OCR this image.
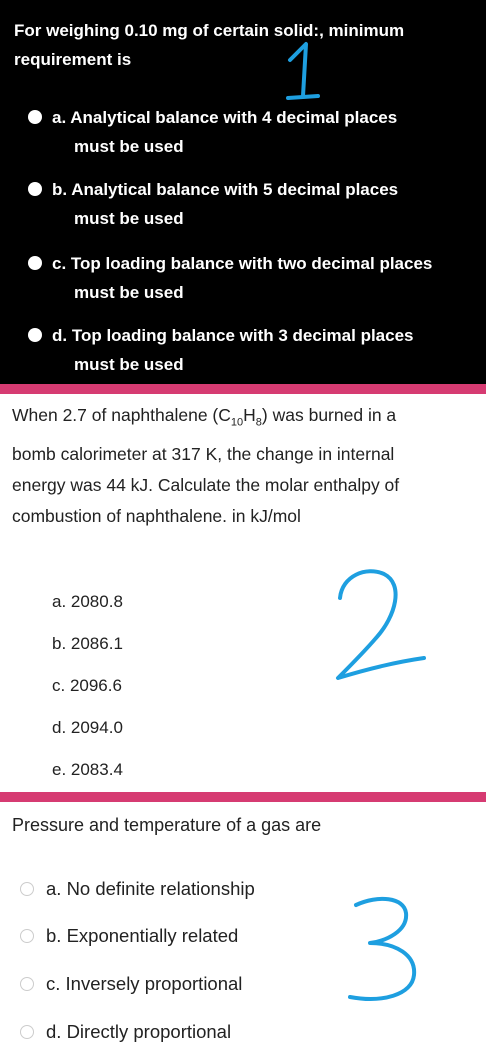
For weighing 0.10 mg of certain solid:, minimum requirement is
a. Analytical balance with 4 decimal places
must be used
b. Analytical balance with 5 decimal places
must be used
c. Top loading balance with two decimal places
must be used
d. Top loading balance with 3 decimal places
must be used
When 2.7 of naphthalene $(C_{10}H_8)$ was burned in a bomb calorimeter at 317 K, the change in internal energy was 44 kJ. Calculate the molar enthalpy of combustion of naphthalene. in kJ/mol
a. 2080.8
b. 2086.1
c. 2096.6
d. 2094.0
e. 2083.4
Pressure and temperature of a gas are
a. No definite relationship
b. Exponentially related
c. Inversely proportional
d. Directly proportional
